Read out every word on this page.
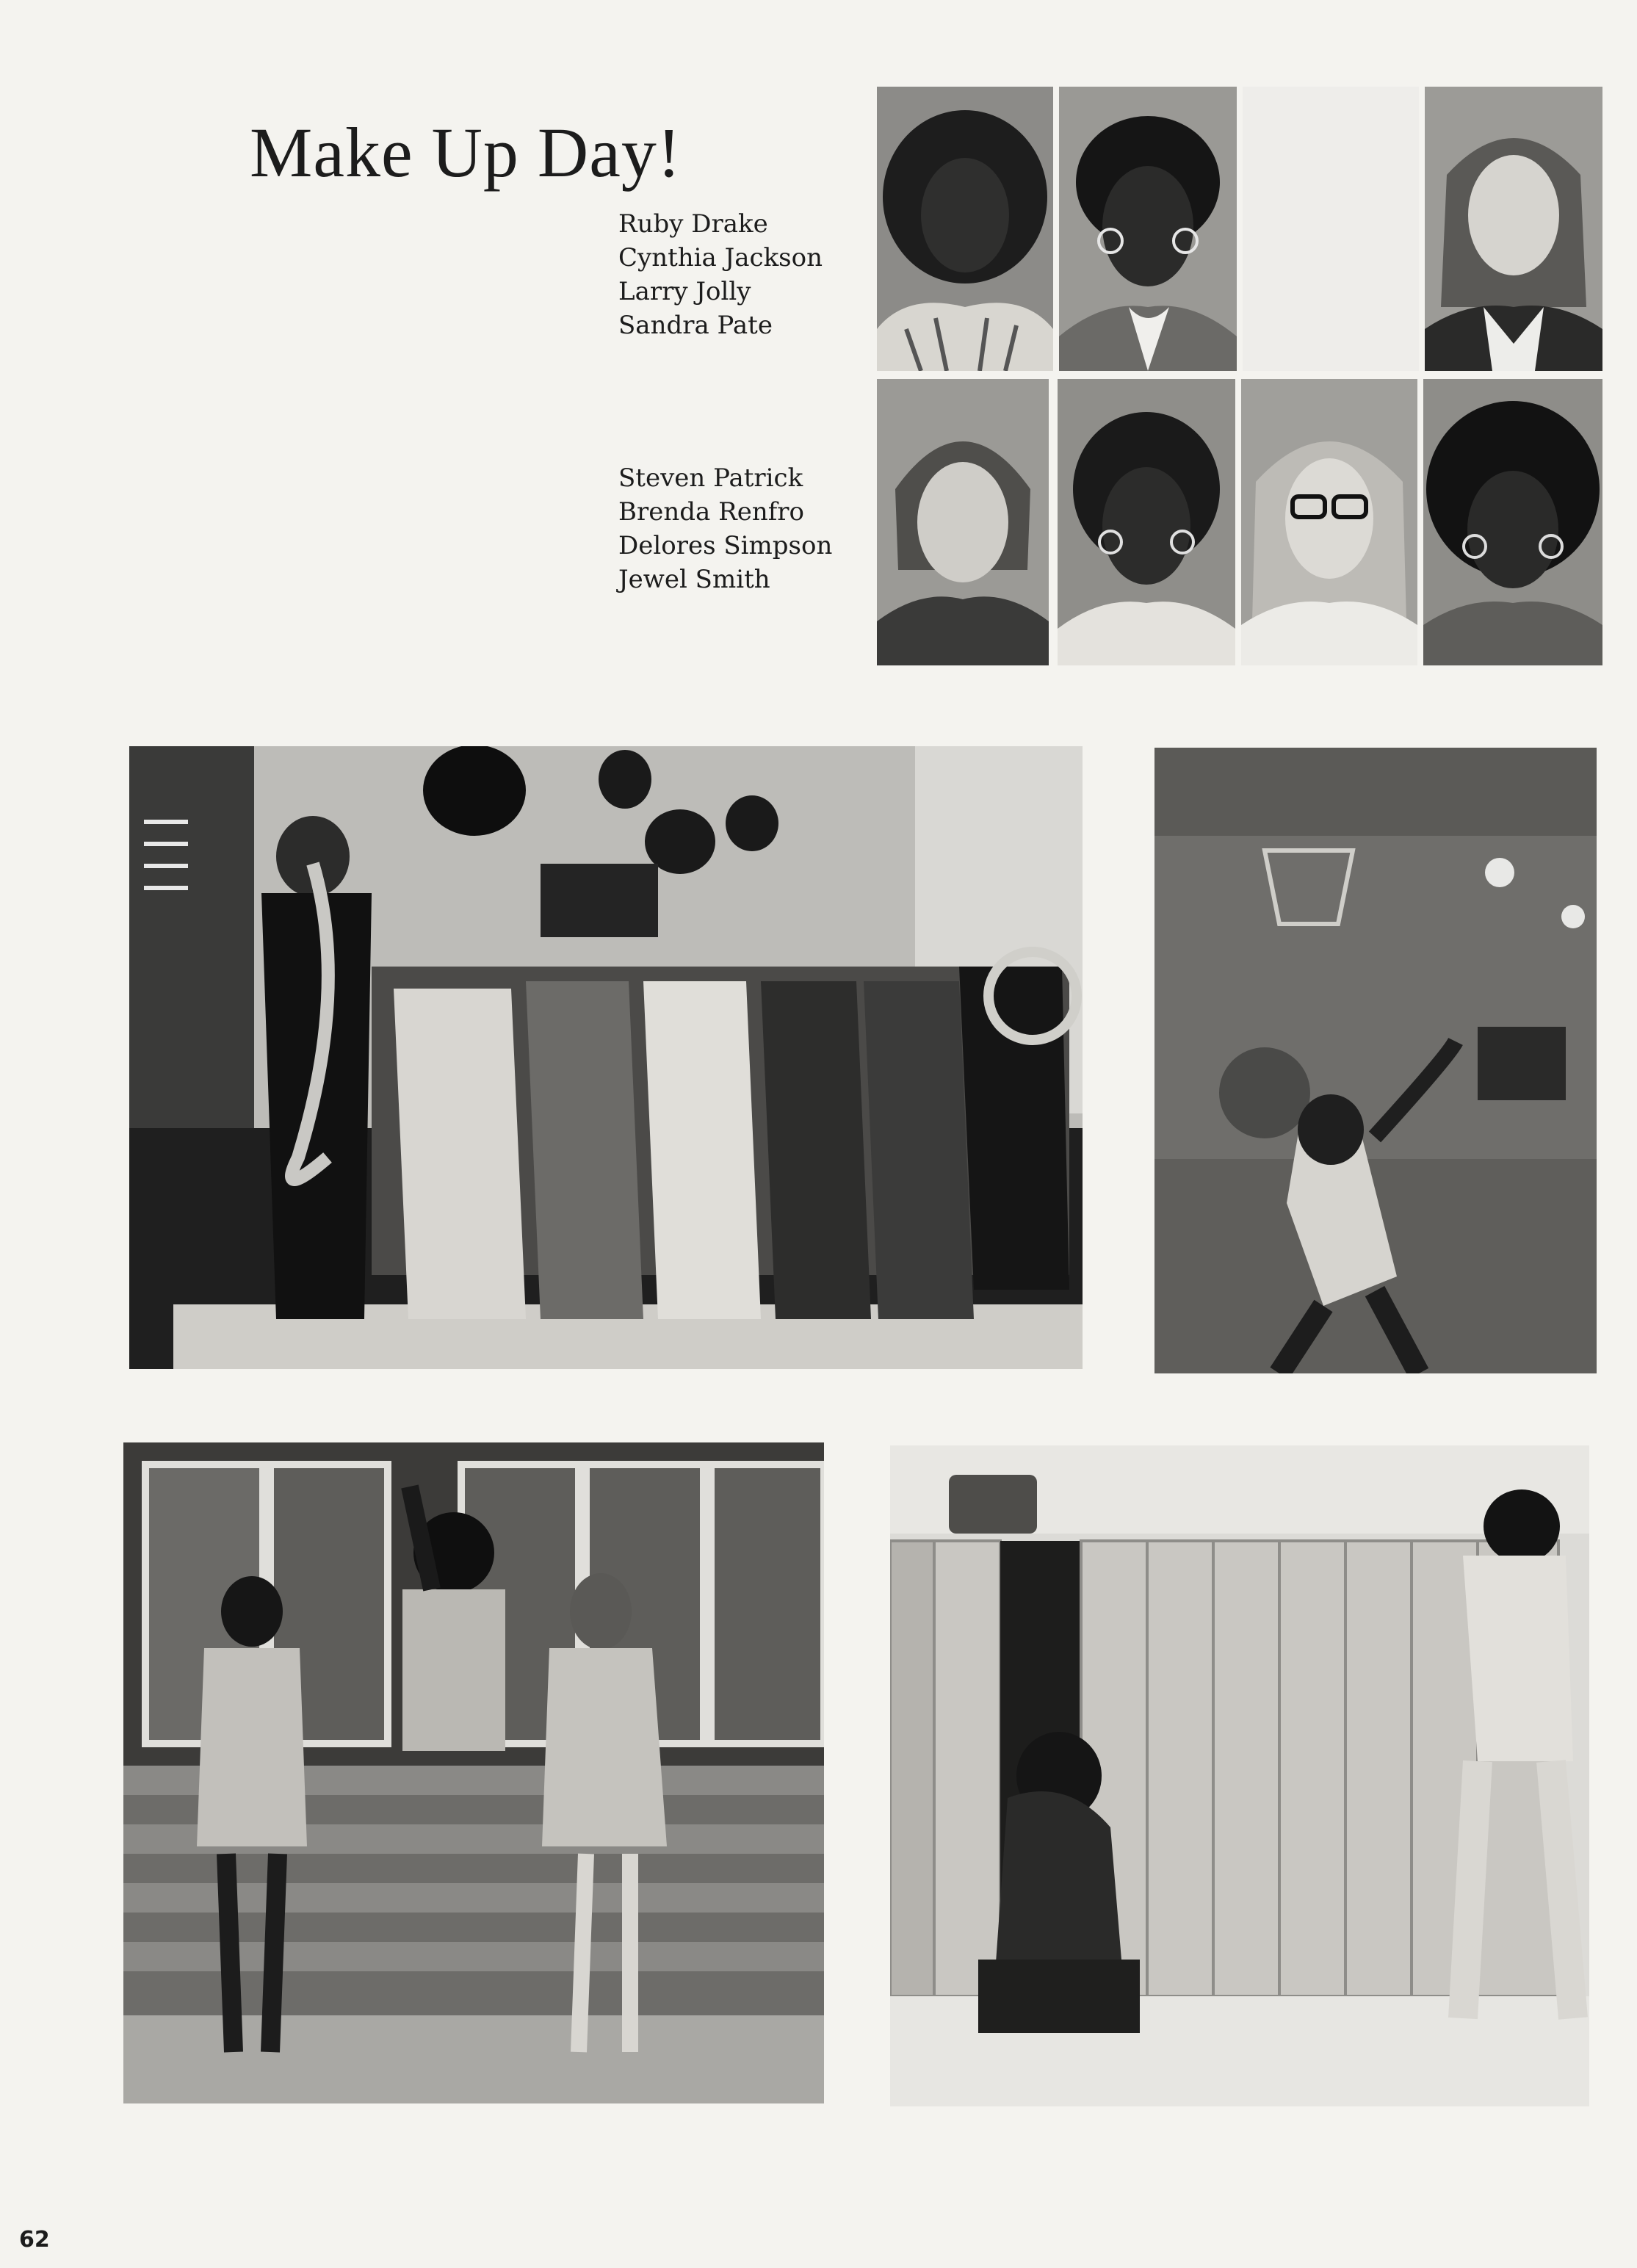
Make Up Day!
Ruby Drake
Cynthia Jackson
Larry Jolly
Sandra Pate
Steven Patrick
Brenda Renfro
Delores Simpson
Jewel Smith
62
